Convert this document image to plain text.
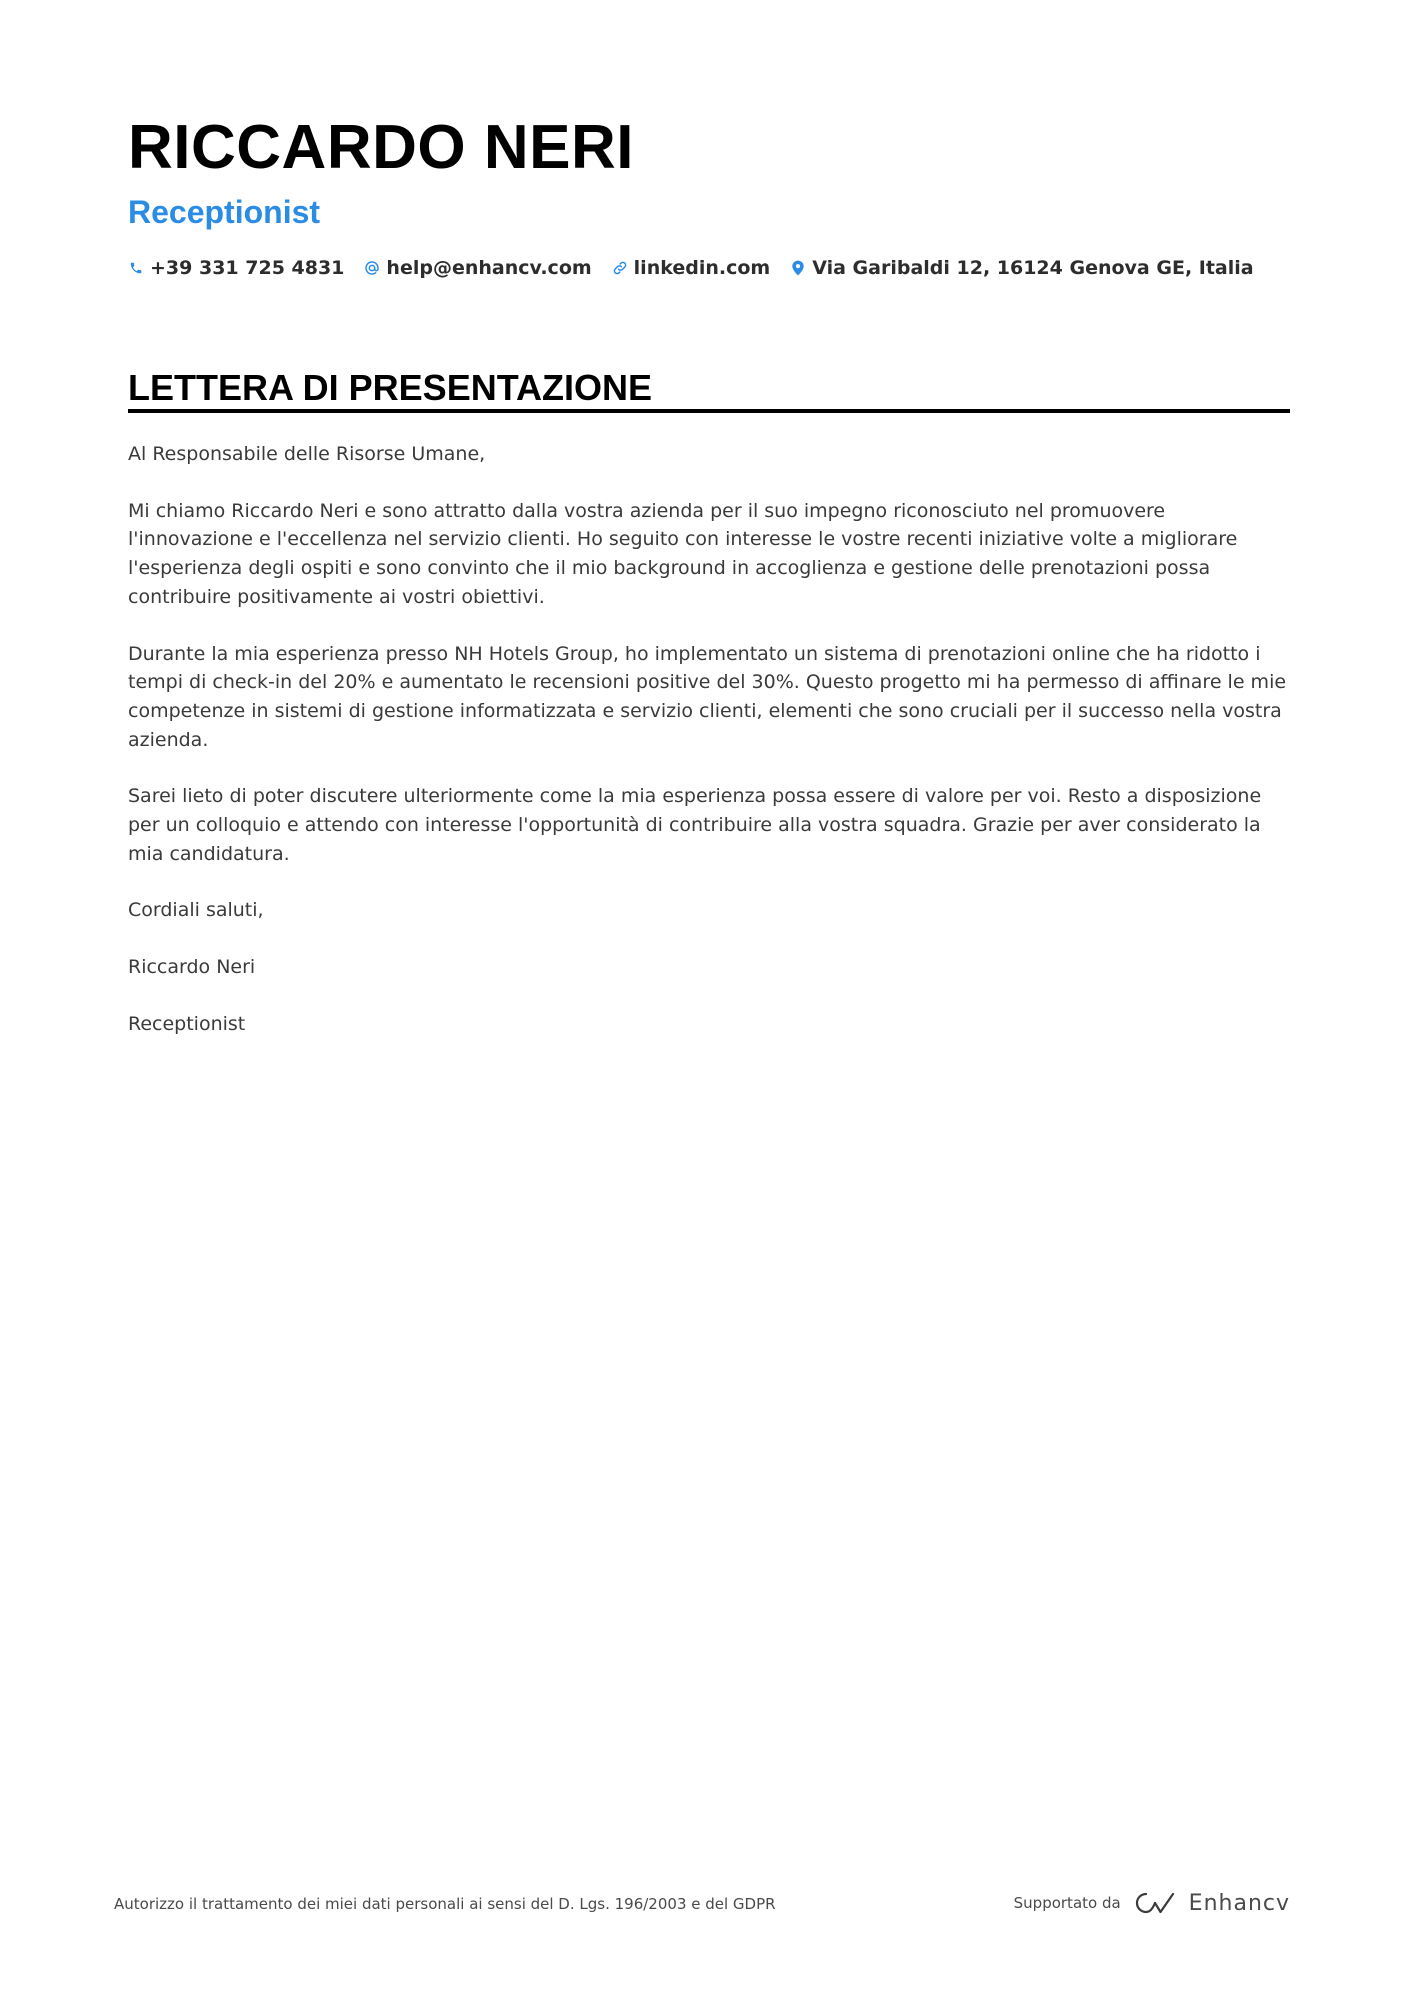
RICCARDO NERI
Receptionist
+39 331 725 4831 help@enhancv.com linkedin.com Via Garibaldi 12, 16124 Genova GE, Italia
LETTERA DI PRESENTAZIONE

Al Responsabile delle Risorse Umane,

Mi chiamo Riccardo Neri e sono attratto dalla vostra azienda per il suo impegno riconosciuto nel promuovere l'innovazione e l'eccellenza nel servizio clienti. Ho seguito con interesse le vostre recenti iniziative volte a migliorare l'esperienza degli ospiti e sono convinto che il mio background in accoglienza e gestione delle prenotazioni possa contribuire positivamente ai vostri obiettivi.

Durante la mia esperienza presso NH Hotels Group, ho implementato un sistema di prenotazioni online che ha ridotto i tempi di check-in del 20% e aumentato le recensioni positive del 30%. Questo progetto mi ha permesso di affinare le mie competenze in sistemi di gestione informatizzata e servizio clienti, elementi che sono cruciali per il successo nella vostra azienda.

Sarei lieto di poter discutere ulteriormente come la mia esperienza possa essere di valore per voi. Resto a disposizione per un colloquio e attendo con interesse l'opportunità di contribuire alla vostra squadra. Grazie per aver considerato la mia candidatura.

Cordiali saluti,

Riccardo Neri

Receptionist

Autorizzo il trattamento dei miei dati personali ai sensi del D. Lgs. 196/2003 e del GDPR	Supportato da	Enhancv
